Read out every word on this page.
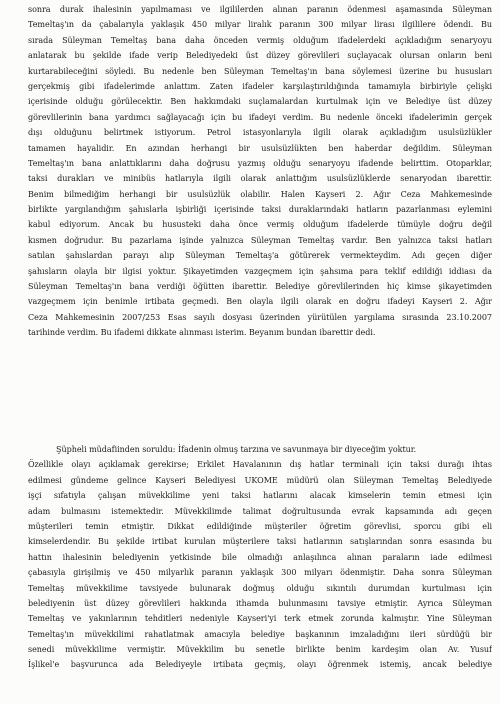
sonra durak ihalesinin yapılmaması ve ilgililerden alınan paranın ödenmesi aşamasında Süleyman
Temeltaş'ın da çabalarıyla yaklaşık 450 milyar liralık paranın 300 milyar lirası ilgililere ödendi. Bu
sırada Süleyman Temeltaş bana daha önceden vermiş olduğum ifadelerdeki açıkladığım senaryoyu
anlatarak bu şekilde ifade verip Belediyedeki üst düzey görevlileri suçlayacak olursan onların beni
kurtarabileceğini söyledi. Bu nedenle ben Süleyman Temeltaş'ın bana söylemesi üzerine bu hususları
gerçekmiş gibi ifadelerimde anlattım. Zaten ifadeler karşılaştırıldığında tamamıyla birbiriyle çelişki
içerisinde olduğu görülecektir. Ben hakkımdaki suçlamalardan kurtulmak için ve Belediye üst düzey
görevlilerinin bana yardımcı sağlayacağı için bu ifadeyi verdim. Bu nedenle önceki ifadelerimin gerçek
dışı olduğunu belirtmek istiyorum. Petrol istasyonlarıyla ilgili olarak açıkladığım usulsüzlükler
tamamen hayalidir. En azından herhangi bir usulsüzlükten ben haberdar değildim. Süleyman
Temeltaş'ın bana anlattıklarını daha doğrusu yazmış olduğu senaryoyu ifadende belirttim. Otoparklar,
taksi durakları ve minibüs hatlarıyla ilgili olarak anlattığım usulsüzlüklerde senaryodan ibarettir.
Benim bilmediğim herhangi bir usulsüzlük olabilir. Halen Kayseri 2. Ağır Ceza Mahkemesinde
birlikte yargılandığım şahıslarla işbirliği içerisinde taksi duraklarındaki hatların pazarlanması eylemini
kabul ediyorum. Ancak bu hususteki daha önce vermiş olduğum ifadelerde tümüyle doğru değil
kısmen doğrudur. Bu pazarlama işinde yalnızca Süleyman Temeltaş vardır. Ben yalnızca taksi hatları
satılan şahıslardan parayı alıp Süleyman Temeltaş'a götürerek vermekteydim. Adı geçen diğer
şahısların olayla bir ilgisi yoktur. Şikayetimden vazgeçmem için şahsıma para teklif edildiği iddiası da
Süleyman Temeltaş'ın bana verdiği öğütten ibarettir. Belediye görevlilerinden hiç kimse şikayetimden
vazgeçmem için benimle irtibata geçmedi. Ben olayla ilgili olarak en doğru ifadeyi Kayseri 2. Ağır
Ceza Mahkemesinin 2007/253 Esas sayılı dosyası üzerinden yürütülen yargılama sırasında 23.10.2007
tarihinde verdim. Bu ifademi dikkate alınması isterim. Beyanım bundan ibarettir dedi.
Şüpheli müdafiinden soruldu: İfadenin olmuş tarzına ve savunmaya bir diyeceğim yoktur.
Özellikle olayı açıklamak gerekirse; Erkilet Havalanının dış hatlar terminali için taksi durağı ihtas
edilmesi gündeme gelince Kayseri Belediyesi UKOME müdürü olan Süleyman Temeltaş Belediyede
işçi sıfatıyla çalışan müvekkilime yeni taksi hatlarını alacak kimselerin temin etmesi için
adam bulmasını istemektedir. Müvekkilimde talimat doğrultusunda evrak kapsamında adı geçen
müşterileri temin etmiştir. Dikkat edildiğinde müşteriler öğretim görevlisi, sporcu gibi eli
kimselerdendir. Bu şekilde irtibat kurulan müşterilere taksi hatlarının satışlarından sonra esasında bu
hattın ihalesinin belediyenin yetkisinde bile olmadığı anlaşılınca alınan paraların iade edilmesi
çabasıyla girişilmiş ve 450 milyarlık paranın yaklaşık 300 milyarı ödenmiştir. Daha sonra Süleyman
Temeltaş müvekkilime tavsiyede bulunarak doğmuş olduğu sıkıntılı durumdan kurtulması için
belediyenin üst düzey görevlileri hakkında ithamda bulunmasını tavsiye etmiştir. Ayrıca Süleyman
Temeltaş ve yakınlarının tehditleri nedeniyle Kayseri'yi terk etmek zorunda kalmıştır. Yine Süleyman
Temeltaş'ın müvekkilimi rahatlatmak amacıyla belediye başkanının imzaladığını ileri sürdüğü bir
senedi müvekkilime vermiştir. Müvekkilim bu senetle birlikte benim kardeşim olan Av. Yusuf
İşlikel'e başvurunca ada Belediyeyle irtibata geçmiş, olayı öğrenmek istemiş, ancak belediye
